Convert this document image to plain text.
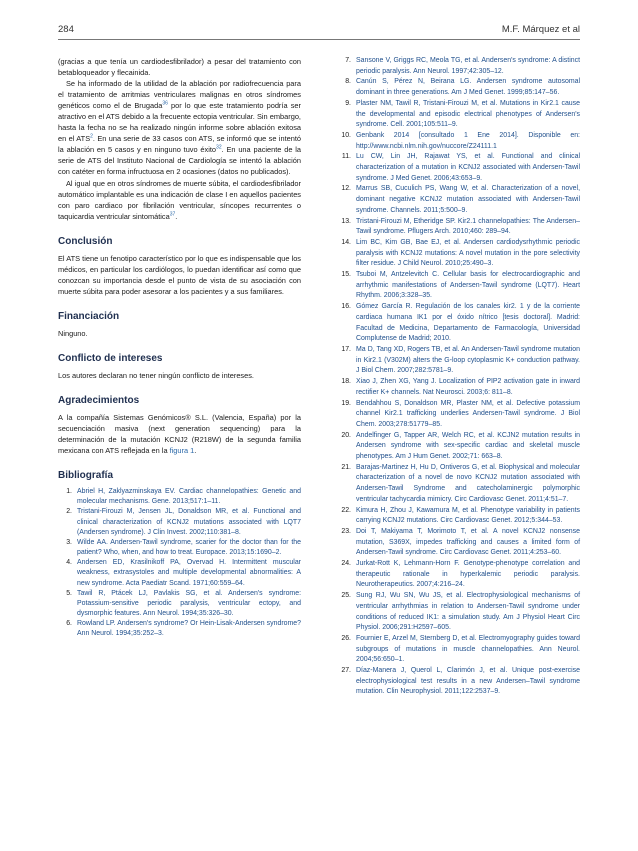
284	M.F. Márquez et al

(gracias a que tenía un cardiodesfibrilador) a pesar del tratamiento con betabloqueador y flecainida.

Se ha informado de la utilidad de la ablación por radiofrecuencia para el tratamiento de arritmias ventriculares malignas en otros síndromes genéticos como el de Brugada$^{36}$ por lo que este tratamiento podría ser atractivo en el ATS debido a la frecuente ectopia ventricular. Sin embargo, hasta la fecha no se ha realizado ningún informe sobre ablación exitosa en el ATS$^2$. En una serie de 33 casos con ATS, se informó que se intentó la ablación en 5 casos y en ninguno tuvo éxito$^{32}$. En una paciente de la serie de ATS del Instituto Nacional de Cardiología se intentó la ablación con catéter en forma infructuosa en 2 ocasiones (datos no publicados).

Al igual que en otros síndromes de muerte súbita, el cardiodesfibrilador automático implantable es una indicación de clase I en aquellos pacientes con paro cardiaco por fibrilación ventricular, síncopes recurrentes o taquicardia ventricular sintomática$^{37}$.

Conclusión

El ATS tiene un fenotipo característico por lo que es indispensable que los médicos, en particular los cardiólogos, lo puedan identificar así como que conozcan su importancia desde el punto de vista de su asociación con muerte súbita para poder asesorar a los pacientes y a sus familiares.

Financiación

Ninguno.

Conflicto de intereses

Los autores declaran no tener ningún conflicto de intereses.

Agradecimientos

A la compañía Sistemas Genómicos® S.L. (Valencia, España) por la secuenciación masiva (next generation sequencing) para la determinación de la mutación KCNJ2 (R218W) de la segunda familia mexicana con ATS reflejada en la figura 1.

Bibliografía
1. Abriel H, Zaklyazminskaya EV. Cardiac channelopathies: Genetic and molecular mechanisms. Gene. 2013;517:1–11.
2. Tristani-Firouzi M, Jensen JL, Donaldson MR, et al. Functional and clinical characterization of KCNJ2 mutations associated with LQT7 (Andersen syndrome). J Clin Invest. 2002;110:381–8.
3. Wilde AA. Andersen-Tawil syndrome, scarier for the doctor than for the patient? Who, when, and how to treat. Europace. 2013;15:1690–2.
4. Andersen ED, Krasilnikoff PA, Overvad H. Intermittent muscular weakness, extrasystoles and multiple developmental abnormalities: A new syndrome. Acta Paediatr Scand. 1971;60:559–64.
5. Tawil R, Ptácek LJ, Pavlakis SG, et al. Andersen's syndrome: Potassium-sensitive periodic paralysis, ventricular ectopy, and dysmorphic features. Ann Neurol. 1994;35:326–30.
6. Rowland LP. Andersen's syndrome? Or Hein-Lisak-Andersen syndrome? Ann Neurol. 1994;35:252–3.
7. Sansone V, Griggs RC, Meola TG, et al. Andersen's syndrome: A distinct periodic paralysis. Ann Neurol. 1997;42:305–12.
8. Canún S, Pérez N, Beirana LG. Andersen syndrome autosomal dominant in three generations. Am J Med Genet. 1999;85:147–56.
9. Plaster NM, Tawil R, Tristani-Firouzi M, et al. Mutations in Kir2.1 cause the developmental and episodic electrical phenotypes of Andersen's syndrome. Cell. 2001;105:511–9.
10. Genbank 2014 [consultado 1 Ene 2014]. Disponible en: http://www.ncbi.nlm.nih.gov/nuccore/Z24111.1
11. Lu CW, Lin JH, Rajawat YS, et al. Functional and clinical characterization of a mutation in KCNJ2 associated with Andersen-Tawil syndrome. J Med Genet. 2006;43:653–9.
12. Marrus SB, Cuculich PS, Wang W, et al. Characterization of a novel, dominant negative KCNJ2 mutation associated with Andersen-Tawil syndrome. Channels. 2011;5:500–9.
13. Tristani-Firouzi M, Etheridge SP. Kir2.1 channelopathies: The Andersen–Tawil syndrome. Pflugers Arch. 2010;460: 289–94.
14. Lim BC, Kim GB, Bae EJ, et al. Andersen cardiodysrhythmic periodic paralysis with KCNJ2 mutations: A novel mutation in the pore selectivity filter residue. J Child Neurol. 2010;25:490–3.
15. Tsuboi M, Antzelevitch C. Cellular basis for electrocardiographic and arrhythmic manifestations of Andersen-Tawil syndrome (LQT7). Heart Rhythm. 2006;3:328–35.
16. Gómez García R. Regulación de los canales kir2. 1 y de la corriente cardiaca humana IK1 por el óxido nítrico [tesis doctoral]. Madrid: Facultad de Medicina, Departamento de Farmacología, Universidad Complutense de Madrid; 2010.
17. Ma D, Tang XD, Rogers TB, et al. An Andersen-Tawil syndrome mutation in Kir2.1 (V302M) alters the G-loop cytoplasmic K+ conduction pathway. J Biol Chem. 2007;282:5781–9.
18. Xiao J, Zhen XG, Yang J. Localization of PIP2 activation gate in inward rectifier K+ channels. Nat Neurosci. 2003;6: 811–8.
19. Bendahhou S, Donaldson MR, Plaster NM, et al. Defective potassium channel Kir2.1 trafficking underlies Andersen-Tawil syndrome. J Biol Chem. 2003;278:51779–85.
20. Andelfinger G, Tapper AR, Welch RC, et al. KCJN2 mutation results in Andersen syndrome with sex-specific cardiac and skeletal muscle phenotypes. Am J Hum Genet. 2002;71: 663–8.
21. Barajas-Martinez H, Hu D, Ontiveros G, et al. Biophysical and molecular characterization of a novel de novo KCNJ2 mutation associated with Andersen-Tawil Syndrome and catecholaminergic polymorphic ventricular tachycardia mimicry. Circ Cardiovasc Genet. 2011;4:51–7.
22. Kimura H, Zhou J, Kawamura M, et al. Phenotype variability in patients carrying KCNJ2 mutations. Circ Cardiovasc Genet. 2012;5:344–53.
23. Doi T, Makiyama T, Morimoto T, et al. A novel KCNJ2 nonsense mutation, S369X, impedes trafficking and causes a limited form of Andersen-Tawil syndrome. Circ Cardiovasc Genet. 2011;4:253–60.
24. Jurkat-Rott K, Lehmann-Horn F. Genotype-phenotype correlation and therapeutic rationale in hyperkalemic periodic paralysis. Neurotherapeutics. 2007;4:216–24.
25. Sung RJ, Wu SN, Wu JS, et al. Electrophysiological mechanisms of ventricular arrhythmias in relation to Andersen-Tawil syndrome under conditions of reduced IK1: a simulation study. Am J Physiol Heart Circ Physiol. 2006;291:H2597–605.
26. Fournier E, Arzel M, Sternberg D, et al. Electromyography guides toward subgroups of mutations in muscle channelopathies. Ann Neurol. 2004;56:650–1.
27. Díaz-Manera J, Querol L, Clarimón J, et al. Unique post-exercise electrophysiological test results in a new Andersen–Tawil syndrome mutation. Clin Neurophysiol. 2011;122:2537–9.
